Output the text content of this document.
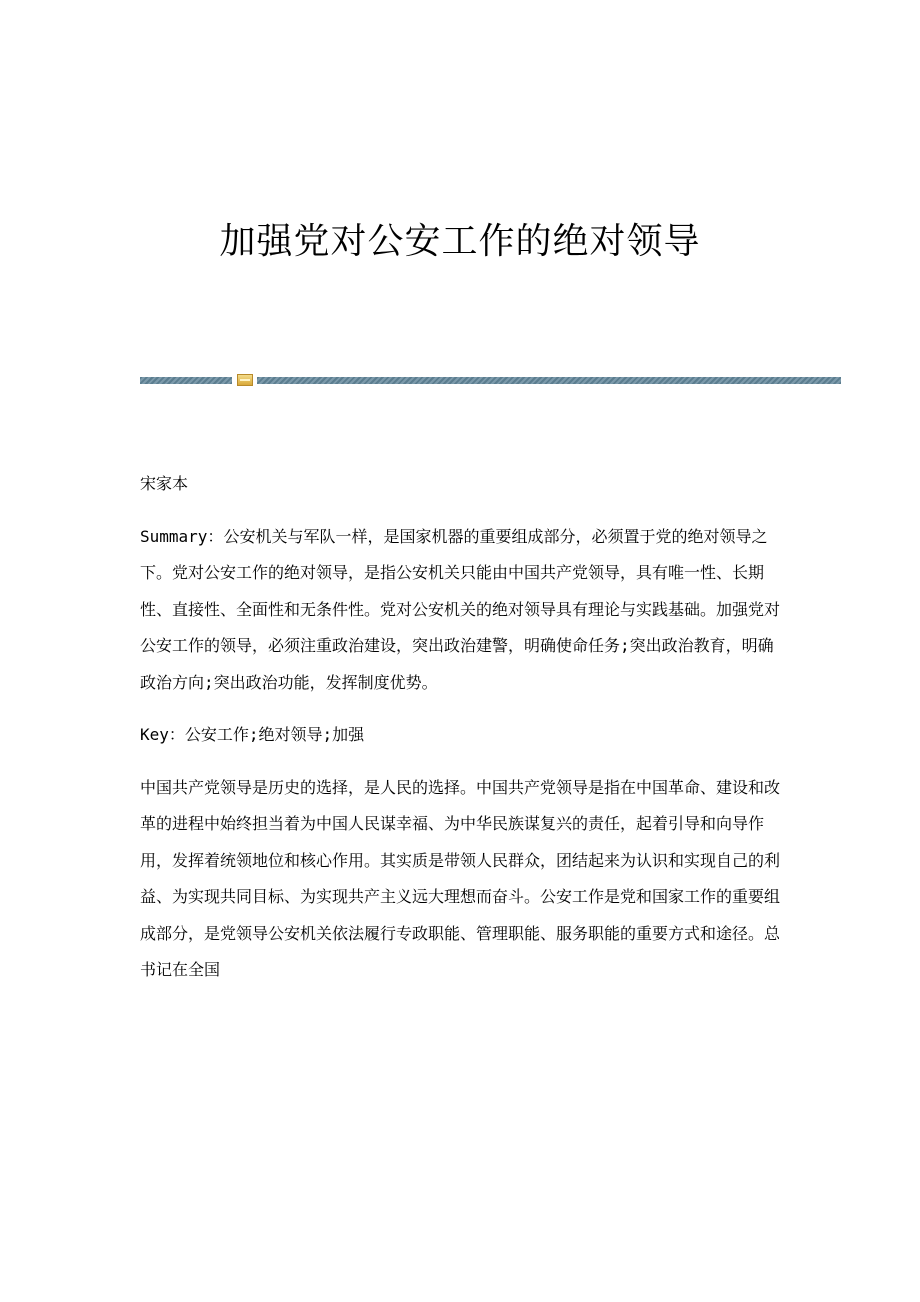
加强党对公安工作的绝对领导

宋家本

Summary：公安机关与军队一样，是国家机器的重要组成部分，必须置于党的绝对领导之下。党对公安工作的绝对领导，是指公安机关只能由中国共产党领导，具有唯一性、长期性、直接性、全面性和无条件性。党对公安机关的绝对领导具有理论与实践基础。加强党对公安工作的领导，必须注重政治建设，突出政治建警，明确使命任务;突出政治教育，明确政治方向;突出政治功能，发挥制度优势。

Key：公安工作;绝对领导;加强

中国共产党领导是历史的选择，是人民的选择。中国共产党领导是指在中国革命、建设和改革的进程中始终担当着为中国人民谋幸福、为中华民族谋复兴的责任，起着引导和向导作用，发挥着统领地位和核心作用。其实质是带领人民群众，团结起来为认识和实现自己的利益、为实现共同目标、为实现共产主义远大理想而奋斗。公安工作是党和国家工作的重要组成部分，是党领导公安机关依法履行专政职能、管理职能、服务职能的重要方式和途径。总书记在全国
